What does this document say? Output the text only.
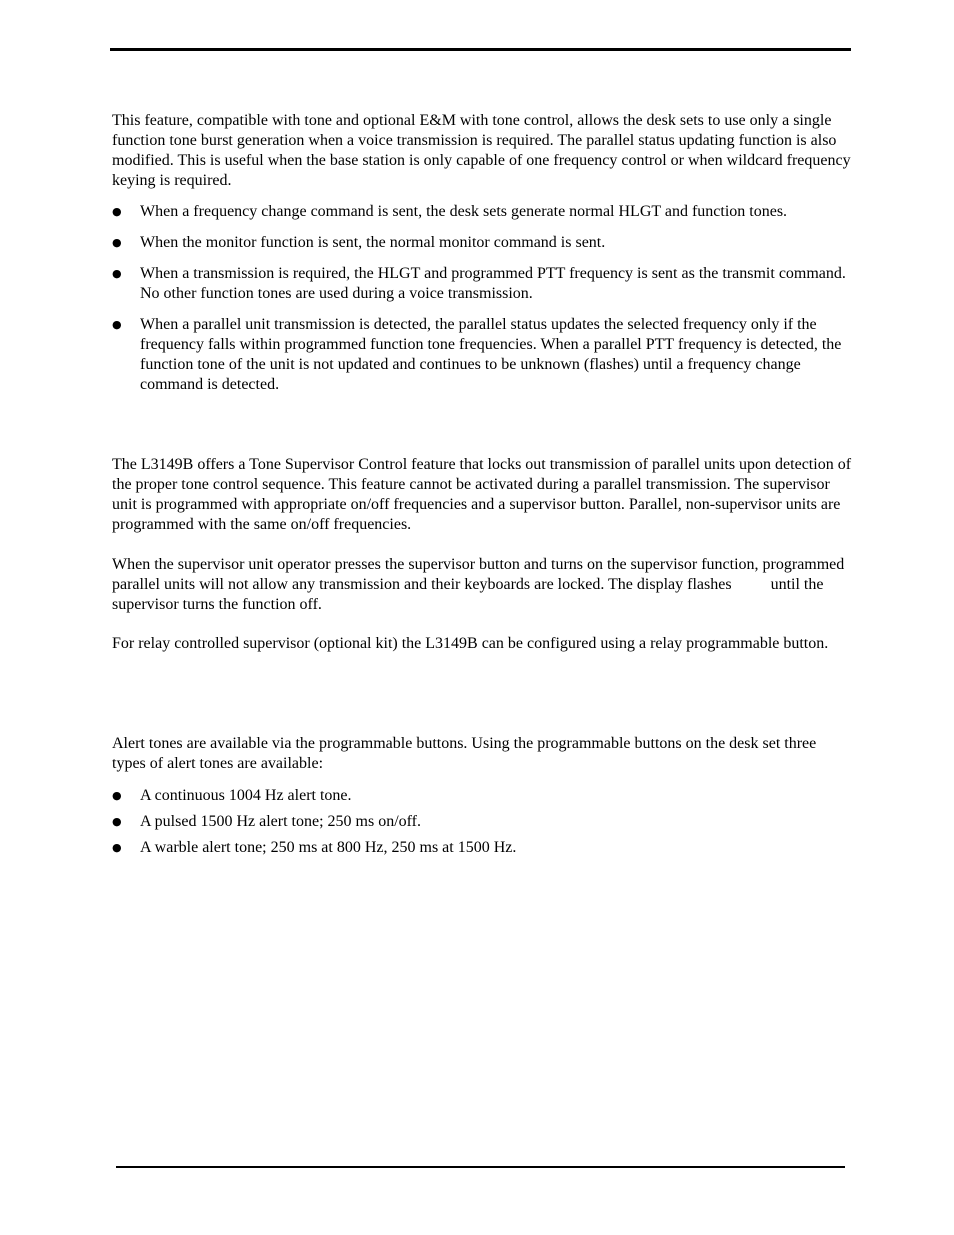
This feature, compatible with tone and optional E&M with tone control, allows the desk sets to use only a single function tone burst generation when a voice transmission is required. The parallel status updating function is also modified. This is useful when the base station is only capable of one frequency control or when wildcard frequency keying is required.

● When a frequency change command is sent, the desk sets generate normal HLGT and function tones.
● When the monitor function is sent, the normal monitor command is sent.
● When a transmission is required, the HLGT and programmed PTT frequency is sent as the transmit command. No other function tones are used during a voice transmission.
● When a parallel unit transmission is detected, the parallel status updates the selected frequency only if the frequency falls within programmed function tone frequencies. When a parallel PTT frequency is detected, the function tone of the unit is not updated and continues to be unknown (flashes) until a frequency change command is detected.

The L3149B offers a Tone Supervisor Control feature that locks out transmission of parallel units upon detection of the proper tone control sequence. This feature cannot be activated during a parallel transmission. The supervisor unit is programmed with appropriate on/off frequencies and a supervisor button. Parallel, non-supervisor units are programmed with the same on/off frequencies.

When the supervisor unit operator presses the supervisor button and turns on the supervisor function, programmed parallel units will not allow any transmission and their keyboards are locked. The display flashes until the supervisor turns the function off.

For relay controlled supervisor (optional kit) the L3149B can be configured using a relay programmable button.

Alert tones are available via the programmable buttons. Using the programmable buttons on the desk set three types of alert tones are available:

● A continuous 1004 Hz alert tone.
● A pulsed 1500 Hz alert tone; 250 ms on/off.
● A warble alert tone; 250 ms at 800 Hz, 250 ms at 1500 Hz.
